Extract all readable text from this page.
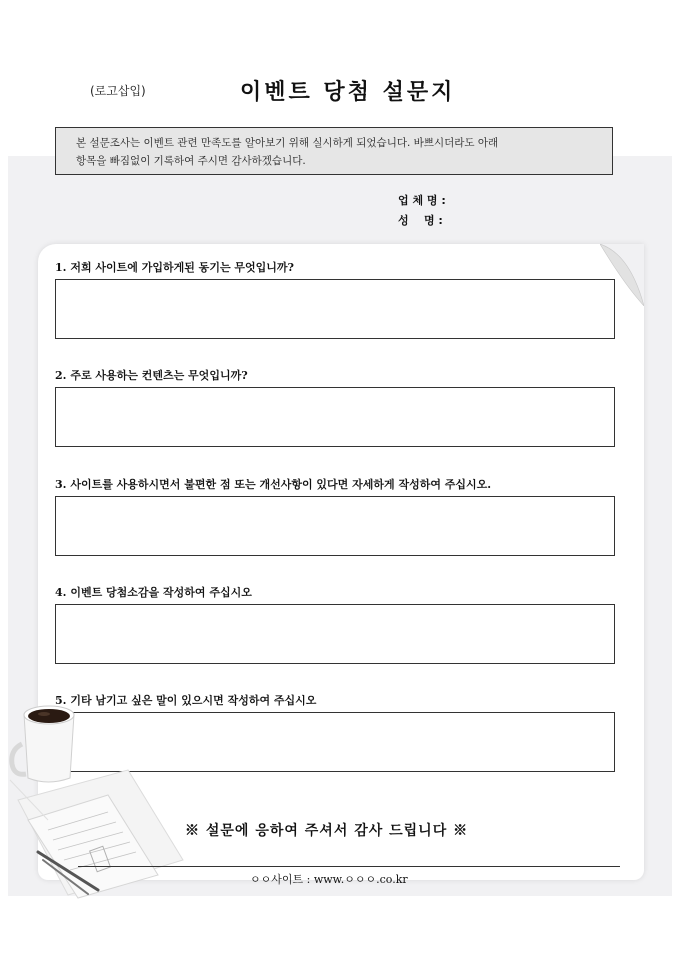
(로고삽입)	이벤트 당첨 설문지
본 설문조사는 이벤트 관련 만족도를 알아보기 위해 실시하게 되었습니다. 바쁘시더라도 아래
항목을 빠짐없이 기록하여 주시면 감사하겠습니다.
업 체 명 :
성    명 :
1. 저희 사이트에 가입하게된 동기는 무엇입니까?
2. 주로 사용하는 컨텐츠는 무엇입니까?
3. 사이트를 사용하시면서 불편한 점 또는 개선사항이 있다면 자세하게 작성하여 주십시오.
4. 이벤트 당첨소감을 작성하여 주십시오
5. 기타 남기고 싶은 말이 있으시면 작성하여 주십시오
※ 설문에 응하여 주셔서 감사 드립니다 ※
ㅇㅇ사이트 : www.ㅇㅇㅇ.co.kr
